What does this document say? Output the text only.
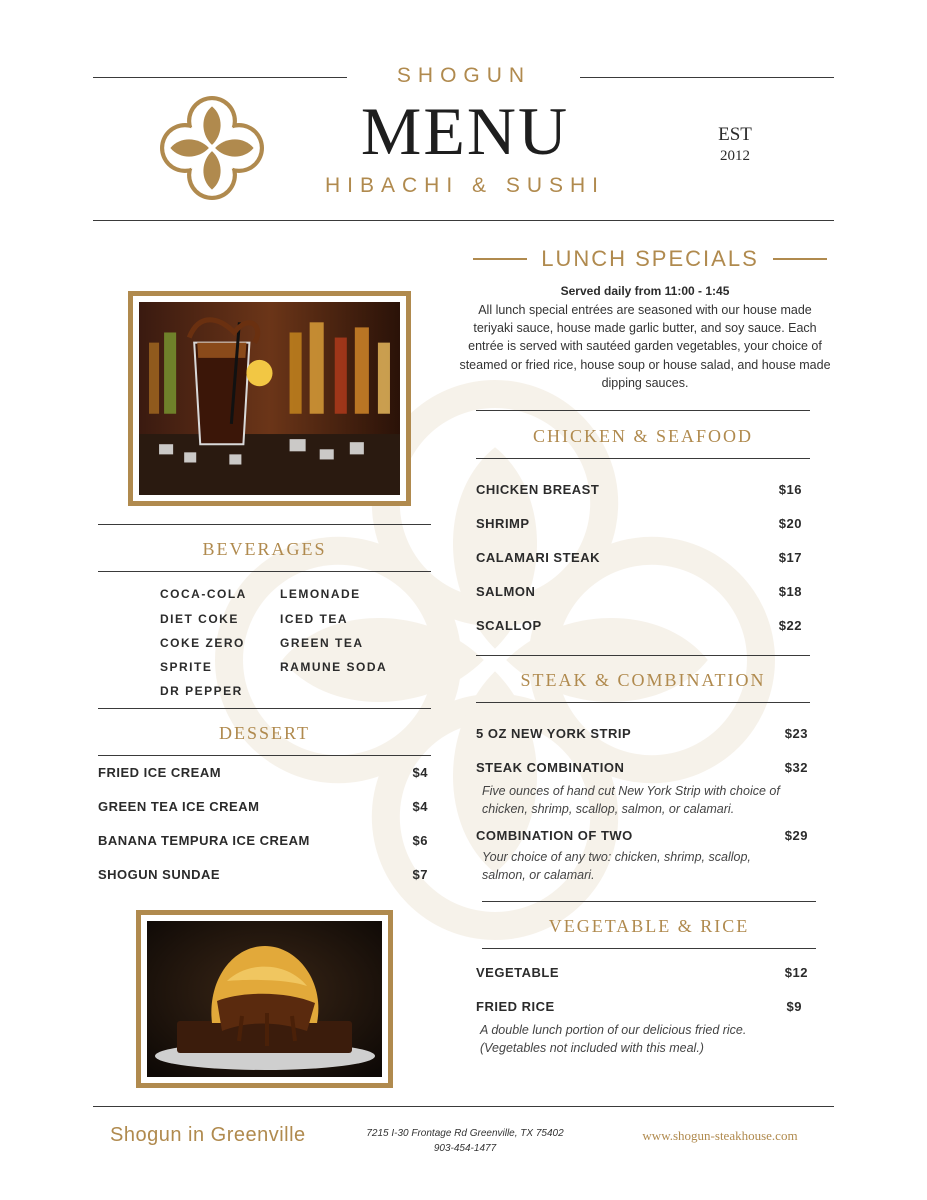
SHOGUN
MENU
HIBACHI & SUSHI
EST
2012
BEVERAGES
COCA-COLA
DIET COKE
COKE ZERO
SPRITE
DR PEPPER
LEMONADE
ICED TEA
GREEN TEA
RAMUNE SODA
DESSERT
FRIED ICE CREAM	$4
GREEN TEA ICE CREAM	$4
BANANA TEMPURA ICE CREAM	$6
SHOGUN SUNDAE	$7
LUNCH SPECIALS
Served daily from 11:00 - 1:45
All lunch special entrées are seasoned with our house made teriyaki sauce, house made garlic butter, and soy sauce. Each entrée is served with sautéed garden vegetables, your choice of steamed or fried rice, house soup or house salad, and house made dipping sauces.
CHICKEN & SEAFOOD
CHICKEN BREAST	$16
SHRIMP	$20
CALAMARI STEAK	$17
SALMON	$18
SCALLOP	$22
STEAK & COMBINATION
5 OZ NEW YORK STRIP	$23
STEAK COMBINATION	$32
Five ounces of hand cut New York Strip with choice of chicken, shrimp, scallop, salmon, or calamari.
COMBINATION OF TWO	$29
Your choice of any two: chicken, shrimp, scallop, salmon, or calamari.
VEGETABLE & RICE
VEGETABLE	$12
FRIED RICE	$9
A double lunch portion of our delicious fried rice. (Vegetables not included with this meal.)
Shogun in Greenville	7215 I-30 Frontage Rd Greenville, TX 75402
903-454-1477
www.shogun-steakhouse.com
